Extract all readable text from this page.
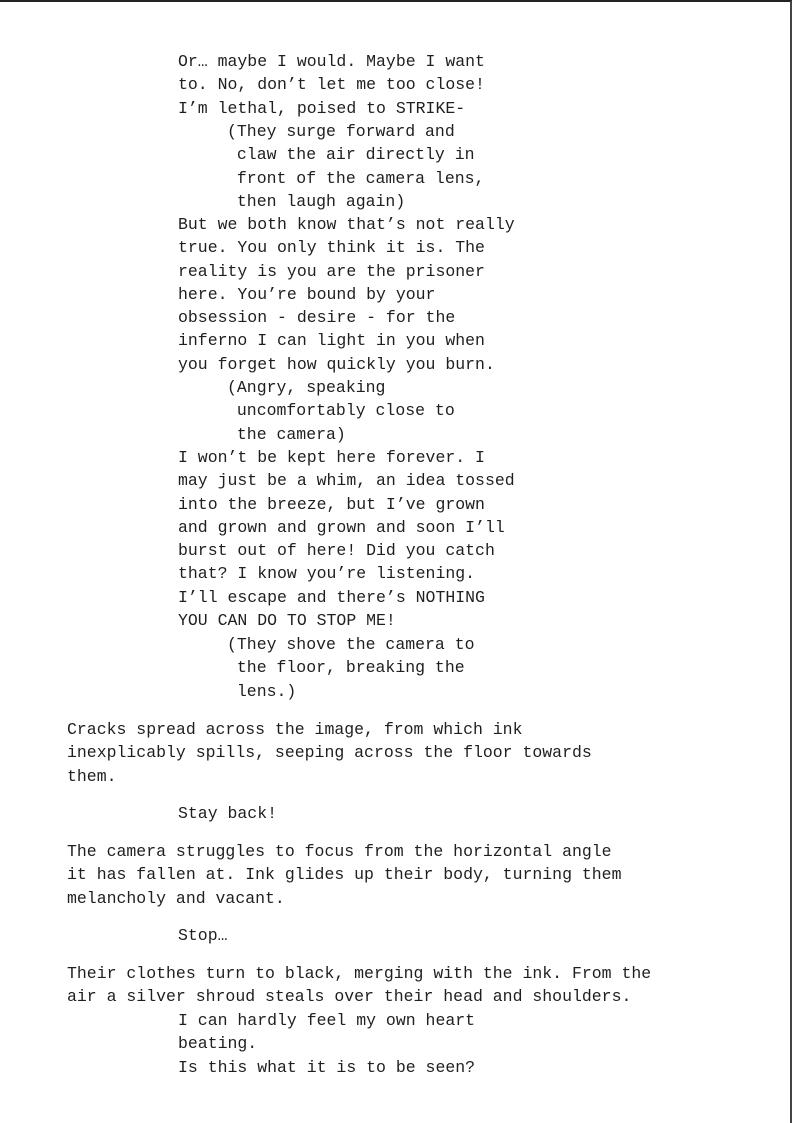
Or… maybe I would. Maybe I want
to. No, don’t let me too close!
I’m lethal, poised to STRIKE-

(They surge forward and
claw the air directly in
front of the camera lens,
then laugh again)

But we both know that’s not really
true. You only think it is. The
reality is you are the prisoner
here. You’re bound by your
obsession - desire - for the
inferno I can light in you when
you forget how quickly you burn.

(Angry, speaking
uncomfortably close to
the camera)

I won’t be kept here forever. I
may just be a whim, an idea tossed
into the breeze, but I’ve grown
and grown and grown and soon I’ll
burst out of here! Did you catch
that? I know you’re listening.
I’ll escape and there’s NOTHING
YOU CAN DO TO STOP ME!

(They shove the camera to
the floor, breaking the
lens.)

Cracks spread across the image, from which ink
inexplicably spills, seeping across the floor towards
them.

Stay back!

The camera struggles to focus from the horizontal angle
it has fallen at. Ink glides up their body, turning them
melancholy and vacant.

Stop…

Their clothes turn to black, merging with the ink. From the
air a silver shroud steals over their head and shoulders.

I can hardly feel my own heart
beating.
Is this what it is to be seen?
